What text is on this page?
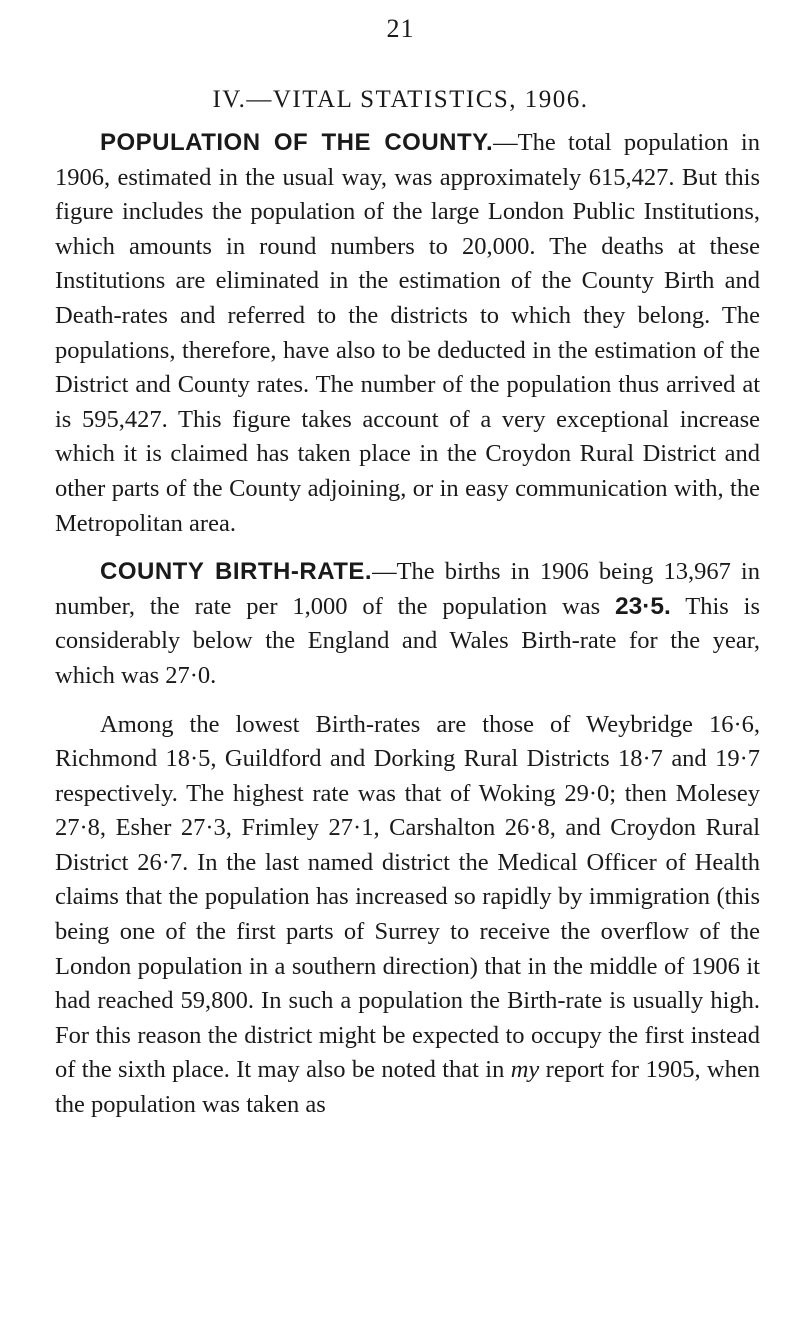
21
IV.—VITAL STATISTICS, 1906.

POPULATION OF THE COUNTY.—The total population in 1906, estimated in the usual way, was approximately 615,427. But this figure includes the population of the large London Public Institutions, which amounts in round numbers to 20,000. The deaths at these Institutions are eliminated in the estimation of the County Birth and Death-rates and referred to the districts to which they belong. The populations, therefore, have also to be deducted in the estimation of the District and County rates. The number of the population thus arrived at is 595,427. This figure takes account of a very exceptional increase which it is claimed has taken place in the Croydon Rural District and other parts of the County adjoining, or in easy communication with, the Metropolitan area.

COUNTY BIRTH-RATE.—The births in 1906 being 13,967 in number, the rate per 1,000 of the population was 23·5. This is considerably below the England and Wales Birth-rate for the year, which was 27·0.

Among the lowest Birth-rates are those of Weybridge 16·6, Richmond 18·5, Guildford and Dorking Rural Districts 18·7 and 19·7 respectively. The highest rate was that of Woking 29·0; then Molesey 27·8, Esher 27·3, Frimley 27·1, Carshalton 26·8, and Croydon Rural District 26·7. In the last named district the Medical Officer of Health claims that the population has increased so rapidly by immigration (this being one of the first parts of Surrey to receive the overflow of the London population in a southern direction) that in the middle of 1906 it had reached 59,800. In such a population the Birth-rate is usually high. For this reason the district might be expected to occupy the first instead of the sixth place. It may also be noted that in my report for 1905, when the population was taken as
